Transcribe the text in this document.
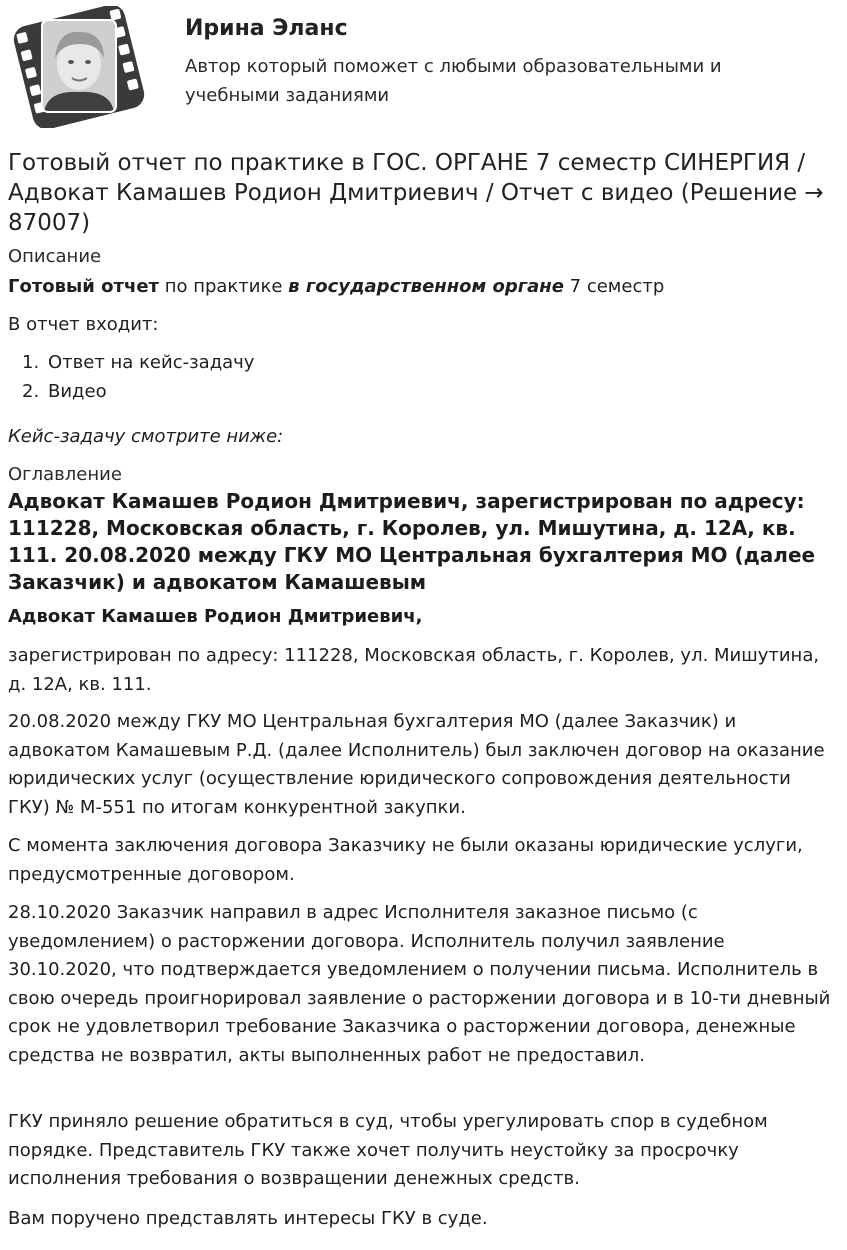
Ирина Эланс
Автор который поможет с любыми образовательными и учебными заданиями
Готовый отчет по практике в ГОС. ОРГАНЕ 7 семестр СИНЕРГИЯ / Адвокат Камашев Родион Дмитриевич / Отчет с видео (Решение → 87007)
Описание
Готовый отчет по практике в государственном органе 7 семестр
В отчет входит:
1. Ответ на кейс-задачу
2. Видео
Кейс-задачу смотрите ниже:
Оглавление
Адвокат Камашев Родион Дмитриевич, зарегистрирован по адресу: 111228, Московская область, г. Королев, ул. Мишутина, д. 12А, кв. 111. 20.08.2020 между ГКУ МО Центральная бухгалтерия МО (далее Заказчик) и адвокатом Камашевым
Адвокат Камашев Родион Дмитриевич,
зарегистрирован по адресу: 111228, Московская область, г. Королев, ул. Мишутина, д. 12А, кв. 111.
20.08.2020 между ГКУ МО Центральная бухгалтерия МО (далее Заказчик) и адвокатом Камашевым Р.Д. (далее Исполнитель) был заключен договор на оказание юридических услуг (осуществление юридического сопровождения деятельности ГКУ) № М-551 по итогам конкурентной закупки.
С момента заключения договора Заказчику не были оказаны юридические услуги, предусмотренные договором.
28.10.2020 Заказчик направил в адрес Исполнителя заказное письмо (с уведомлением) о расторжении договора. Исполнитель получил заявление 30.10.2020, что подтверждается уведомлением о получении письма. Исполнитель в свою очередь проигнорировал заявление о расторжении договора и в 10-ти дневный срок не удовлетворил требование Заказчика о расторжении договора, денежные средства не возвратил, акты выполненных работ не предоставил.
ГКУ приняло решение обратиться в суд, чтобы урегулировать спор в судебном порядке. Представитель ГКУ также хочет получить неустойку за просрочку исполнения требования о возвращении денежных средств.
Вам поручено представлять интересы ГКУ в суде.
